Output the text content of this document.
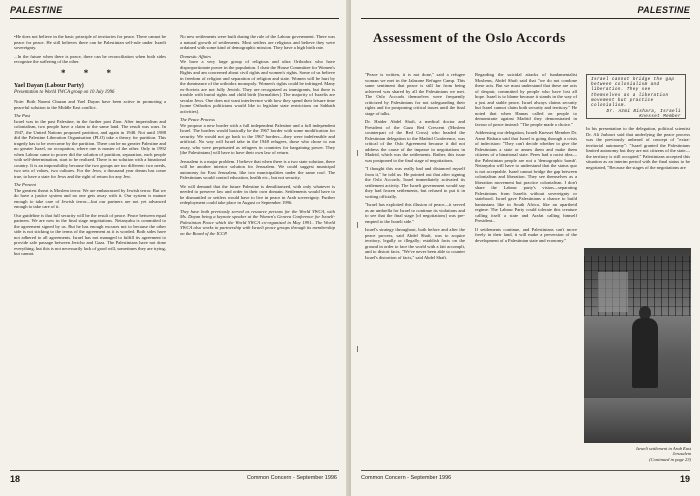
PALESTINE

•He does not believe in the basic principle of territories for peace. There cannot be peace for peace. He still believes there can be Palestinian self-rule under Israeli sovereignty.

...In the future when there is peace, there can be reconciliation when both sides recognize the suffering of the other.

* * *
Yael Dayan (Labour Party)
Presentation to World YWCA group on 10 July 1996

Note: Both Naomi Chazan and Yael Dayan have been active in promoting a peaceful solution to the Middle East conflict.

The Past

Israel was in the past Palestine, in the further past Zion. After imperialism and colonialism, two people have a claim to the same land. The result was wars. In 1947, the United Nations proposed partition, and again in 1948. Not until 1988 did the Palestine Liberation Organisation (PLO) take a theory for partition. This tragedy has to be overcome by the partition. There can be no greater Palestine and no greater Israel, no occupation, where one is master of the other. Only in 1992 when Labour came to power did the solution of partition, separation, each people with self-determination, start to be realized. There is no solution with a binational country. It is an impossibility because the two groups are too different: two needs, two sets of values, two cultures. For the Jews, a thousand year dream has come true, to have a state for Jews and the right of return for any Jew.

The Present

The greatest threat is Moslem terror. We are embarrassed by Jewish terror. But we do have a justice system and no one gets away with it. Our system is mature enough to take care of Jewish terror—but our partners are not yet advanced enough to take care of it.

Our guideline is that full security will be the result of peace. Peace between equal partners. We are now in the final stage negotiations. Netanyahu is committed to the agreement signed by us. But he has enough excuses not to because the other side is not sticking to the terms of the agreement as it is worded. Both sides have not adhered to all agreements. Israel has not managed to fulfill its agreement to provide safe passage between Jericho and Gaza. The Palestinians have not done everything, but this is not necessarily lack of good will, sometimes they are trying, but cannot.

No new settlements were built during the rule of the Labour government. There was a natural growth of settlements. Most settlers are religious and believe they were ordained with some kind of demographic mission. They have a high birth rate.

Domestic Affairs

We have a very large group of religious and ultra Orthodox who have disproportionate power in the population. I chair the House Committee for Women's Rights and am concerned about civil rights and women's rights. Some of us believe in freedom of religion and separation of religion and state. Women will be hurt by the dominance of the orthodox monopoly. Women's rights could be infringed. Many ex-Soviets are not fully Jewish. They are recognized as immigrants, but there is trouble with burial rights and child birth [formalities]. The majority of Israelis are secular Jews. One does not want interference with how they spend their leisure time [some Orthodox politicians would like to legislate state restrictions on Sabbath activities].

The Peace Process

We propose a new border with a full independent Palestine and a full independent Israel. The borders would basically be the 1967 border with some modification for security. We would not go back to the 1967 borders—they were indefensible and artificial. No way will Israel take in the 1948 refugees, those who chose to run away, who were perpetuated as refugees in countries for bargaining power. They [the Palestinians] will have to have their own law of return.

Jerusalem is a major problem. I believe that when there is a two state solution, there will be another interior solution for Jerusalem. We could suggest municipal autonomy for East Jerusalem, like two municipalities under the same roof. The Palestinians would control education, health etc., but not security.

We will demand that the future Palestine is demilitarized, with only whatever is needed to preserve law and order in their own domain. Settlements would have to be dismantled or settlers would have to live in peace in Arab sovereignty. Further redeployment could take place in August or September 1996.

They have both previously served as resource persons for the World YWCA, with Ms. Dayan being a keynote speaker at the Women's Geneva Conference for Israeli-Palestinian Peace which the World YWCA co-organised in May 1991.. The World YWCA also works in partnership with Israeli peace groups through its membership on the Board of the ICCP.

18	Common Concern - September 1996
PALESTINE
Assessment of the Oslo Accords

"Peace is written, it is not done," said a refugee woman we met in the Jalazone Refugee Camp. This same sentiment that peace is still far from being achieved was shared by all the Palestinians we met. The Oslo Accords themselves were frequently criticized by Palestinians for not safeguarding their rights and for postponing critical issues until the final stage of talks.

Dr. Haider Abdel Shafi, a medical doctor and President of the Gaza Red Crescent (Moslem counterpart of the Red Cross) who headed the Palestinian delegation to the Madrid Conference, was critical of the Oslo Agreement because it did not address the cause of the impasse in negotiations in Madrid, which was the settlements. Rather, this issue was postponed to the final stage of negotiations.

"I thought this was really bad and distanced myself from it," he told us. He pointed out that after signing the Oslo Accords, Israel immediately activated its settlement activity. The Israeli government would say they had frozen settlements, but refused to put it in writing officially.

"Israel has exploited this illusion of peace—it served as an umbrella for Israel to continue its violations and to see that the final stage [of negotiations] was pre-empted to the Israeli side."

Israel's strategy throughout, both before and after the peace process, said Abdel Shafi, was to acquire territory, legally or illegally; establish facts on the ground in order to face the world with a fait accompli, and to distort facts. "We've never been able to counter Israel's distortion of facts," said Abdel Shafi.

Regarding the suicidal attacks of fundamentalist Moslems, Abdel Shafi said that "we do not condone these acts. But we must understand that these are acts of despair, committed by people who have lost all hope. Israel is to blame because it stands in the way of a just and stable peace. Israel always claims security but Israel cannot claim both security and territory." He noted that when Hamas called on people to demonstrate against Madrid they demonstrated in favour of peace instead: "The people made a choice."

Addressing our delegation, Israeli Knesset Member Dr. Azmi Bishara said that Israel is going through a crisis of indecision: "They can't decide whether to give the Palestinians a state or annex them and make them citizens of a binational state. Peres had a racist idea—the Palestinian people are not a 'demographic bomb'. Netanyahu will have to understand that the status quo is not acceptable. Israel cannot bridge the gap between colonialism and liberation. They see themselves as a liberation movement but practice colonialism. I don't share the Labour party's vision—separating Palestinians from Israelis without sovereignty or statehood. Israel gave Palestinians a chance to build bantustans like in South Africa, like an apartheid regime. The Labour Party could tolerate this creature calling itself a state and Arafat calling himself President...

If settlements continue, and Palestinians can't move freely in their land, it will make a perversion of the development of a Palestinian state and economy."

Israel cannot bridge the gap between colonialism and liberation. They see themselves as a liberation movement but practice colonialism.
Dr. Azmi Bishara, Israeli Knesset Member

In his presentation to the delegation, political scientist Dr. Ali Jarbawi said that underlying the peace process was the previously unheard of concept of "extra-territorial autonomy": "Israel granted the Palestinians limited autonomy but they are not citizens of the state—the territory is still occupied." Palestinians accepted this situation as an interim period with the final status to be negotiated, "Because the stages of the negotiations are

Israeli settlement in Arab East
Jerusalem
(Continued in page 23)
Common Concern - September 1996	19
